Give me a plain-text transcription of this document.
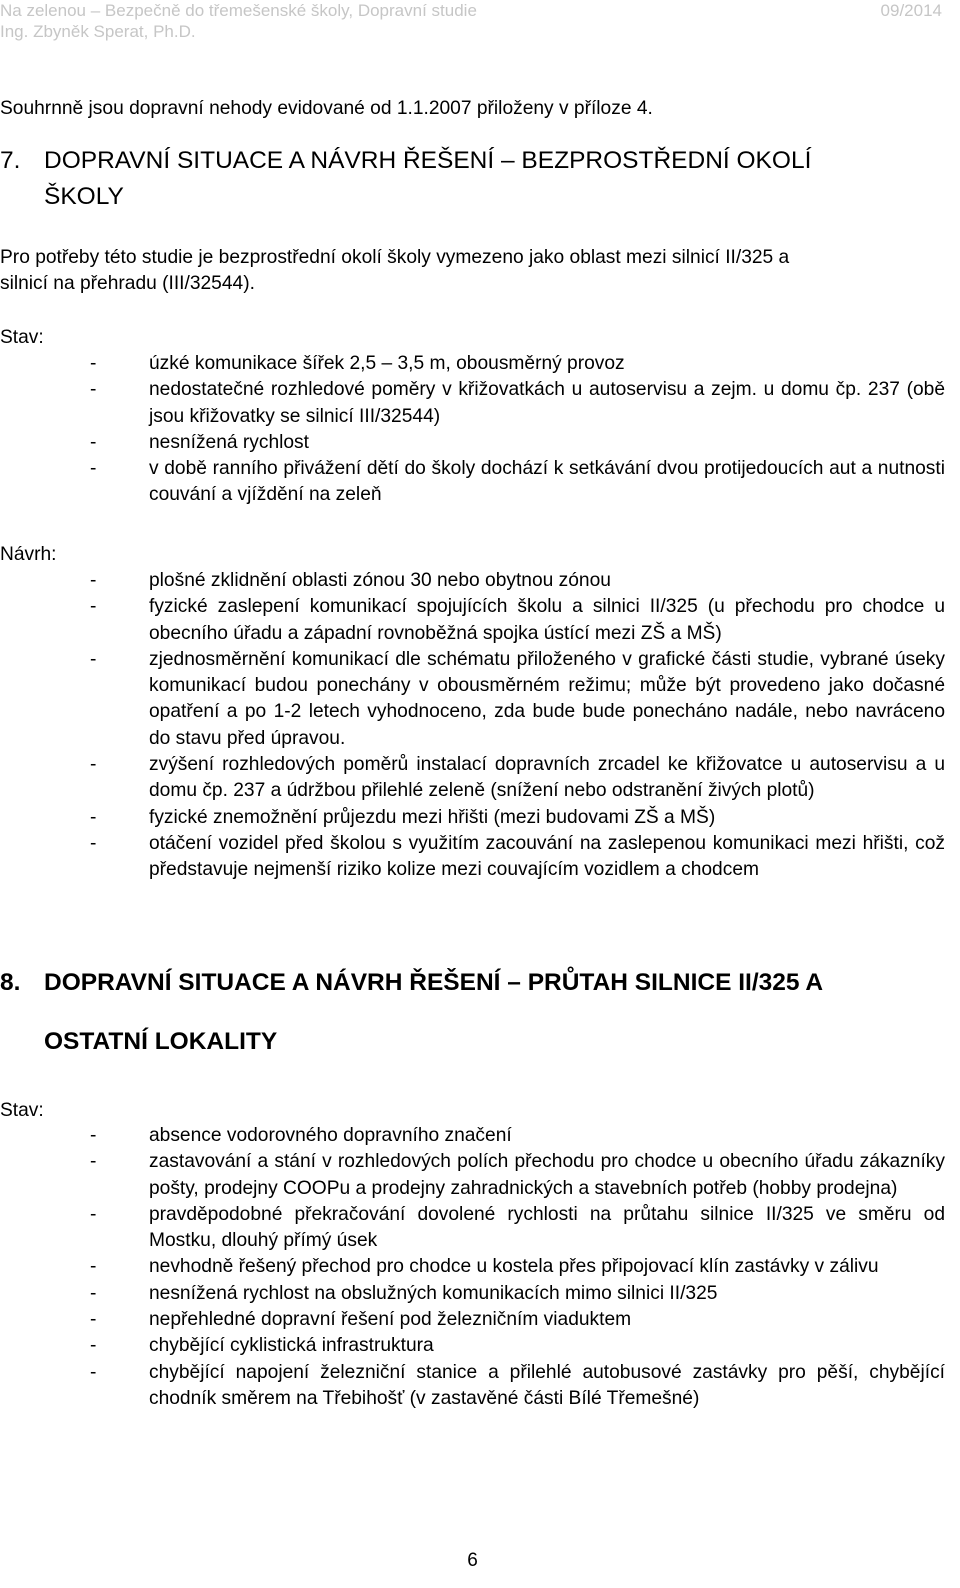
Na zelenou – Bezpečně do třemešenské školy, Dopravní studie
Ing. Zbyněk Sperat, Ph.D.
09/2014
Souhrnně jsou dopravní nehody evidované od 1.1.2007 přiloženy v příloze 4.
7. DOPRAVNÍ SITUACE A NÁVRH ŘEŠENÍ – BEZPROSTŘEDNÍ OKOLÍ
ŠKOLY
Pro potřeby této studie je bezprostřední okolí školy vymezeno jako oblast mezi silnicí II/325 a
silnicí na přehradu (III/32544).
Stav:
-	úzké komunikace šířek 2,5 – 3,5 m, obousměrný provoz
-	nedostatečné rozhledové poměry v křižovatkách u autoservisu a zejm. u domu čp. 237 (obě jsou křižovatky se silnicí III/32544)
-	nesnížená rychlost
-	v době ranního přivážení dětí do školy dochází k setkávání dvou protijedoucích aut a nutnosti couvání a vjíždění na zeleň
Návrh:
-	plošné zklidnění oblasti zónou 30 nebo obytnou zónou
-	fyzické zaslepení komunikací spojujících školu a silnici II/325 (u přechodu pro chodce u obecního úřadu a západní rovnoběžná spojka ústící mezi ZŠ a MŠ)
-	zjednosměrnění komunikací dle schématu přiloženého v grafické části studie, vybrané úseky komunikací budou ponechány v obousměrném režimu; může být provedeno jako dočasné opatření a po 1-2 letech vyhodnoceno, zda bude bude ponecháno nadále, nebo navráceno do stavu před úpravou.
-	zvýšení rozhledových poměrů instalací dopravních zrcadel ke křižovatce u autoservisu a u domu čp. 237 a údržbou přilehlé zeleně (snížení nebo odstranění živých plotů)
-	fyzické znemožnění průjezdu mezi hřišti (mezi budovami ZŠ a MŠ)
-	otáčení vozidel před školou s využitím zacouvání na zaslepenou komunikaci mezi hřišti, což představuje nejmenší riziko kolize mezi couvajícím vozidlem a chodcem
8. DOPRAVNÍ SITUACE A NÁVRH ŘEŠENÍ – PRŮTAH SILNICE II/325 A
OSTATNÍ LOKALITY
Stav:
-	absence vodorovného dopravního značení
-	zastavování a stání v rozhledových polích přechodu pro chodce u obecního úřadu zákazníky pošty, prodejny COOPu a prodejny zahradnických a stavebních potřeb (hobby prodejna)
-	pravděpodobné překračování dovolené rychlosti na průtahu silnice II/325 ve směru od Mostku, dlouhý přímý úsek
-	nevhodně řešený přechod pro chodce u kostela přes připojovací klín zastávky v zálivu
-	nesnížená rychlost na obslužných komunikacích mimo silnici II/325
-	nepřehledné dopravní řešení pod železničním viaduktem
-	chybějící cyklistická infrastruktura
-	chybějící napojení železniční stanice a přilehlé autobusové zastávky pro pěší, chybějící chodník směrem na Třebihošť (v zastavěné části Bílé Třemešné)
6
